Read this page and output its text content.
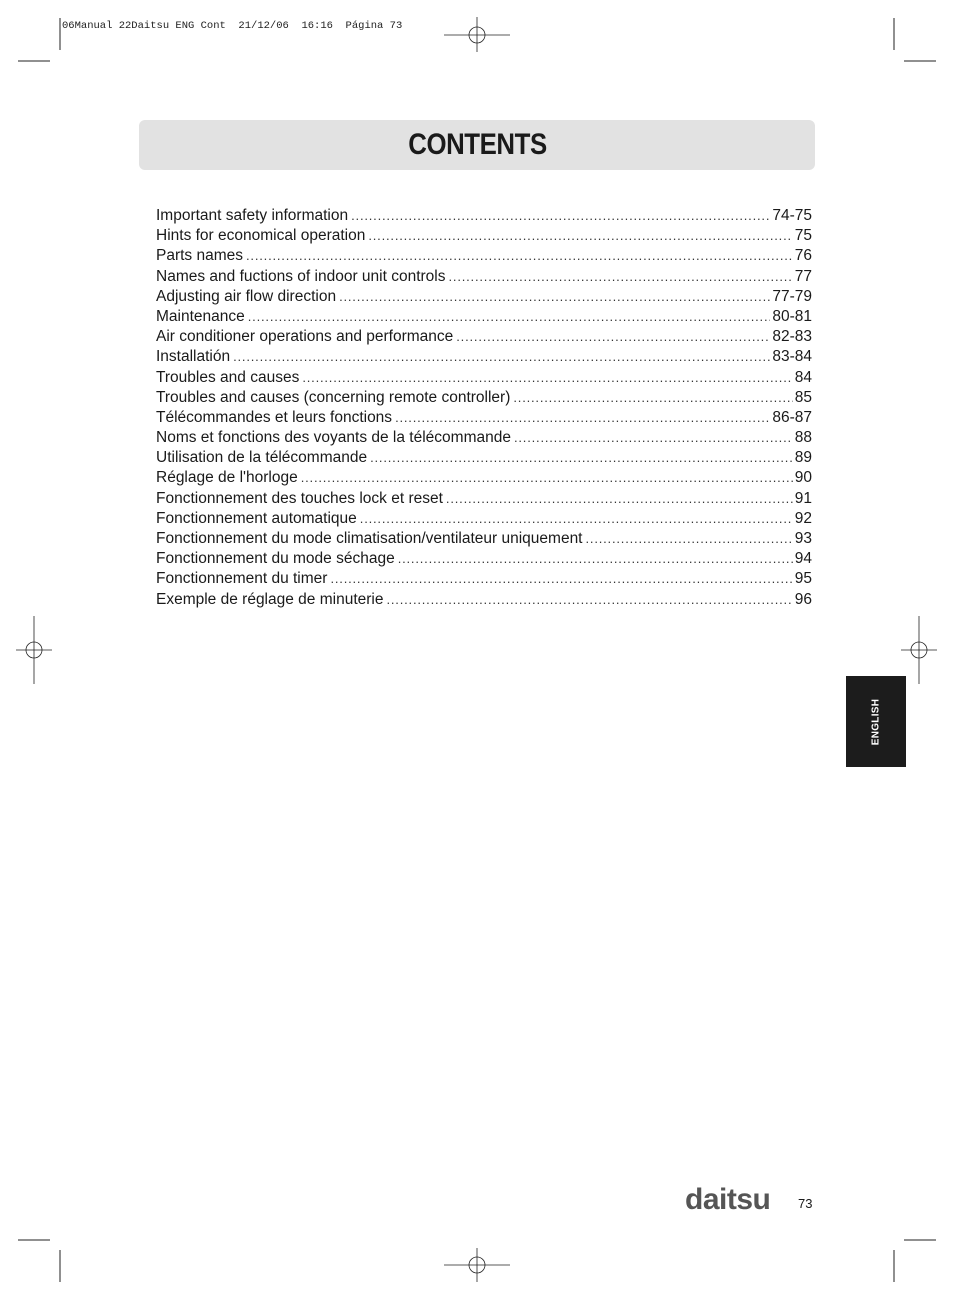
06Manual 22Daitsu ENG Cont  21/12/06  16:16  Página 73
CONTENTS
Important safety information .....	74-75
Hints for economical operation .....	75
Parts names .....	76
Names and fuctions of indoor unit controls .....	77
Adjusting air flow direction .....	77-79
Maintenance .....	80-81
Air conditioner operations and performance .....	82-83
Installatión .....	83-84
Troubles and causes .....	84
Troubles and causes (concerning remote controller) .....	85
Télécommandes et leurs fonctions .....	86-87
Noms et fonctions des voyants de la télécommande .....	88
Utilisation de la télécommande .....	89
Réglage de l'horloge .....	90
Fonctionnement des touches lock et reset .....	91
Fonctionnement automatique .....	92
Fonctionnement du mode climatisation/ventilateur uniquement .....	93
Fonctionnement du mode séchage .....	94
Fonctionnement du timer .....	95
Exemple de réglage de minuterie .....	96
ENGLISH
daitsu 73
